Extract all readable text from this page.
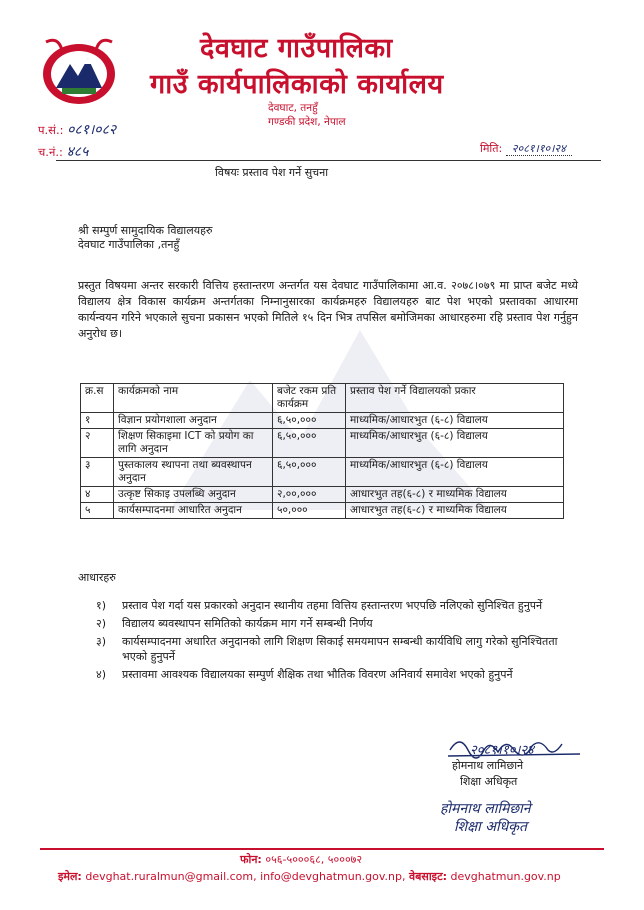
देवघाट गाउँपालिका
गाउँ कार्यपालिकाको कार्यालय
देवघाट, तनहुँ
गण्डकी प्रदेश, नेपाल
प.सं.: ०८१।०८२
च.नं.: ४८५	मिति: २०८१।१०।२४
विषयः प्रस्ताव पेश गर्ने सुचना
श्री सम्पुर्ण सामुदायिक विद्यालयहरु
देवघाट गाउँपालिका ,तनहुँ
प्रस्तुत विषयमा अन्तर सरकारी वित्तिय हस्तान्तरण अन्तर्गत यस देवघाट गाउँपालिकामा आ.व. २०७८।०७९ मा प्राप्त बजेट मध्ये विद्यालय क्षेत्र विकास कार्यक्रम अन्तर्गतका निम्नानुसारका कार्यक्रमहरु विद्यालयहरु बाट पेश भएको प्रस्तावका आधारमा कार्यन्वयन गरिने भएकाले सुचना प्रकासन भएको मितिले १५ दिन भित्र तपसिल बमोजिमका आधारहरुमा रहि प्रस्ताव पेश गर्नुहुन अनुरोध छ।
क्र.स	कार्यक्रमको नाम	बजेट रकम प्रति कार्यक्रम	प्रस्ताव पेश गर्ने विद्यालयको प्रकार
१	विज्ञान प्रयोगशाला अनुदान	६,५०,०००	माध्यमिक/आधारभुत (६-८) विद्यालय
२	शिक्षण सिकाइमा ICT को प्रयोग का लागि अनुदान	६,५०,०००	माध्यमिक/आधारभुत (६-८) विद्यालय
३	पुस्तकालय स्थापना तथा ब्यवस्थापन अनुदान	६,५०,०००	माध्यमिक/आधारभुत (६-८) विद्यालय
४	उत्कृष्ट सिकाइ उपलब्धि अनुदान	२,००,०००	आधारभुत तह(६-८) र माध्यमिक विद्यालय
५	कार्यसम्पादनमा आधारित अनुदान	५०,०००	आधारभुत तह(६-८) र माध्यमिक विद्यालय
आधारहरु
१)	प्रस्ताव पेश गर्दा यस प्रकारको अनुदान स्थानीय तहमा वित्तिय हस्तान्तरण भएपछि नलिएको सुनिश्चित हुनुपर्ने
२)	विद्यालय ब्यवस्थापन समितिको कार्यक्रम माग गर्ने सम्बन्धी निर्णय
३)	कार्यसम्पादनमा अधारित अनुदानको लागि शिक्षण सिकाई समयमापन सम्बन्धी कार्यविधि लागु गरेको सुनिश्चितता भएको हुनुपर्ने
४)	प्रस्तावमा आवश्यक विद्यालयका सम्पुर्ण शैक्षिक तथा भौतिक विवरण अनिवार्य समावेश भएको हुनुपर्ने
२०८१।१०।२४
होमनाथ लामिछाने
शिक्षा अधिकृत
होमनाथ लामिछाने
शिक्षा अधिकृत
फोन: ०५६-५०००६८, ५०००७२
इमेल: devghat.ruralmun@gmail.com, info@devghatmun.gov.np, वेबसाइट: devghatmun.gov.np
